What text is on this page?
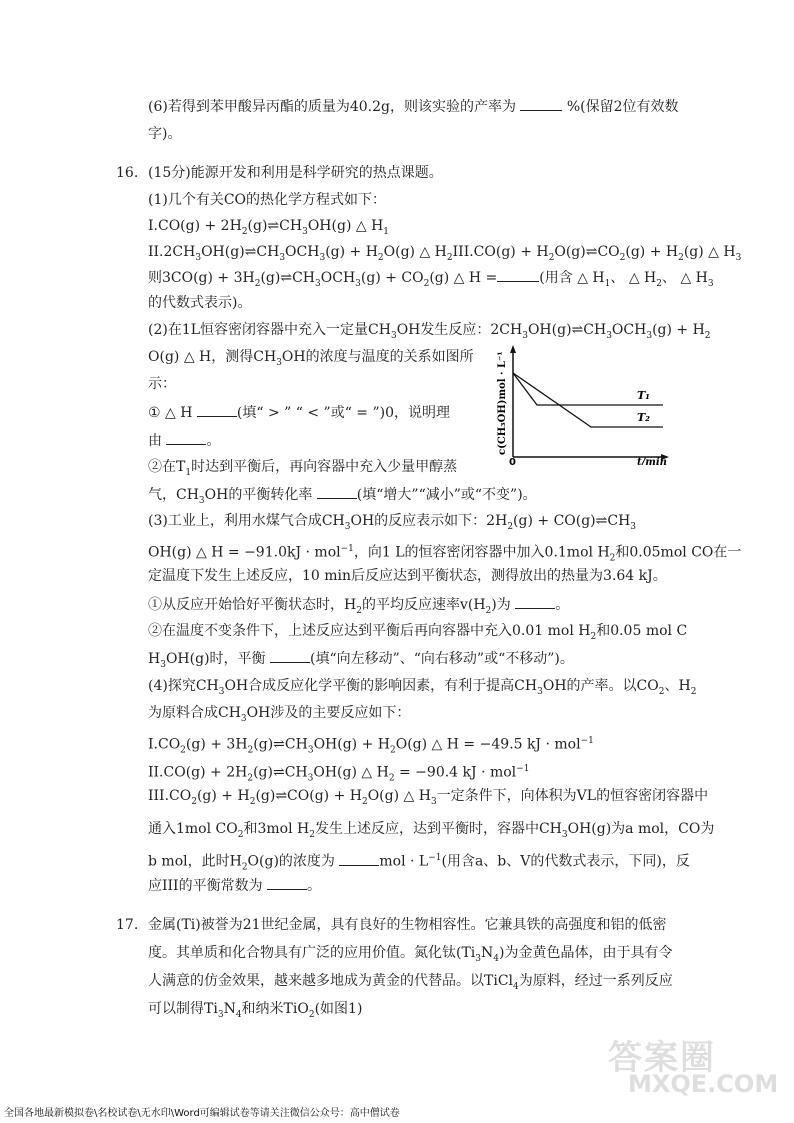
(6)若得到苯甲酸异丙酯的质量为40.2g，则该实验的产率为	%(保留2位有效数
字)。
16. (15分)能源开发和利用是科学研究的热点课题。
(1)几个有关CO的热化学方程式如下：
$I.CO(g) + 2H_2(g)\rightleftharpoons CH_3OH(g)$ △ $H_1$
$II.2CH_3OH(g)\rightleftharpoons CH_3OCH_3(g) + H_2O(g)$ △ $H_2III.CO(g)$ + $H_2O(g)\rightleftharpoons CO_2(g) + H_2(g)$ △ $H_3$
则$3CO(g) + 3H_2(g)\rightleftharpoons CH_3OCH_3(g) + CO_2(g)$ △ H =	(用含 △ $H_1$、 △ $H_2$、 △ $H_3$
的代数式表示)。
(2)在1L恒容密闭容器中充入一定量$CH_3OH$发生反应：$2CH_3OH(g)\rightleftharpoons CH_3OCH_3(g) + H_2$
O(g) △ H，测得$CH_3OH$的浓度与温度的关系如图所
示：
① △ H	(填“ > ” “ < ”或“ = ”)0，说明理
由	。
②在$T_1$时达到平衡后，再向容器中充入少量甲醇蒸
气，$CH_3OH$的平衡转化率	(填“增大”“减小”或“不变”)。
T₁
T₂
0	t/min
c(CH₃OH)mol · L⁻¹
(3)工业上，利用水煤气合成$CH_3OH$的反应表示如下：$2H_2(g)$ + $CO(g)\rightleftharpoons CH_3$
OH(g) △ H = −91.0kJ · mol$^{-1}$，向1 L的恒容密闭容器中加入0.1mol $H_2$和0.05mol CO在一
定温度下发生上述反应，10 min后反应达到平衡状态，测得放出的热量为3.64 kJ。
①从反应开始恰好平衡状态时，$H_2$的平均反应速率$v(H_2)$为	。
②在温度不变条件下，上述反应达到平衡后再向容器中充入0.01 mol $H_2$和0.05 mol C
$H_3OH(g)$时，平衡	(填“向左移动”、“向右移动”或“不移动”)。
(4)探究$CH_3OH$合成反应化学平衡的影响因素，有利于提高$CH_3OH$的产率。以$CO_2$、$H_2$
为原料合成$CH_3OH$涉及的主要反应如下：
$I.CO_2(g)$ + $3H_2(g)\rightleftharpoons CH_3OH(g) + H_2O(g)$ △ H = −49.5 kJ · mol$^{-1}$
$II.CO(g) + 2H_2(g)\rightleftharpoons CH_3OH(g)$ △ $H_2 = -90.4$ kJ · mol$^{-1}$
$III.CO_2(g)$ + $H_2(g)\rightleftharpoons CO(g) + H_2O(g)$ △ $H_3$一定条件下，向体积为VL的恒容密闭容器中
通入1mol $CO_2$和3mol $H_2$发生上述反应，达到平衡时，容器中$CH_3OH(g)$为a mol，CO为
b mol，此时$H_2O(g)$的浓度为	mol · $L^{-1}$(用含a、b、V的代数式表示，下同)，反
应III的平衡常数为	。
17. 金属(Ti)被誉为21世纪金属，具有良好的生物相容性。它兼具铁的高强度和铝的低密
度。其单质和化合物具有广泛的应用价值。氮化钛$(Ti_3N_4)$为金黄色晶体，由于具有令
人满意的仿金效果，越来越多地成为黄金的代替品。以TiCl$_4$为原料，经过一系列反应
可以制得$Ti_3N_4$和纳米TiO$_2$(如图1)
答案圈
MXQE.COM
全国各地最新模拟卷\名校试卷\无水印\Word可编辑试卷等请关注微信公众号：高中僧试卷
